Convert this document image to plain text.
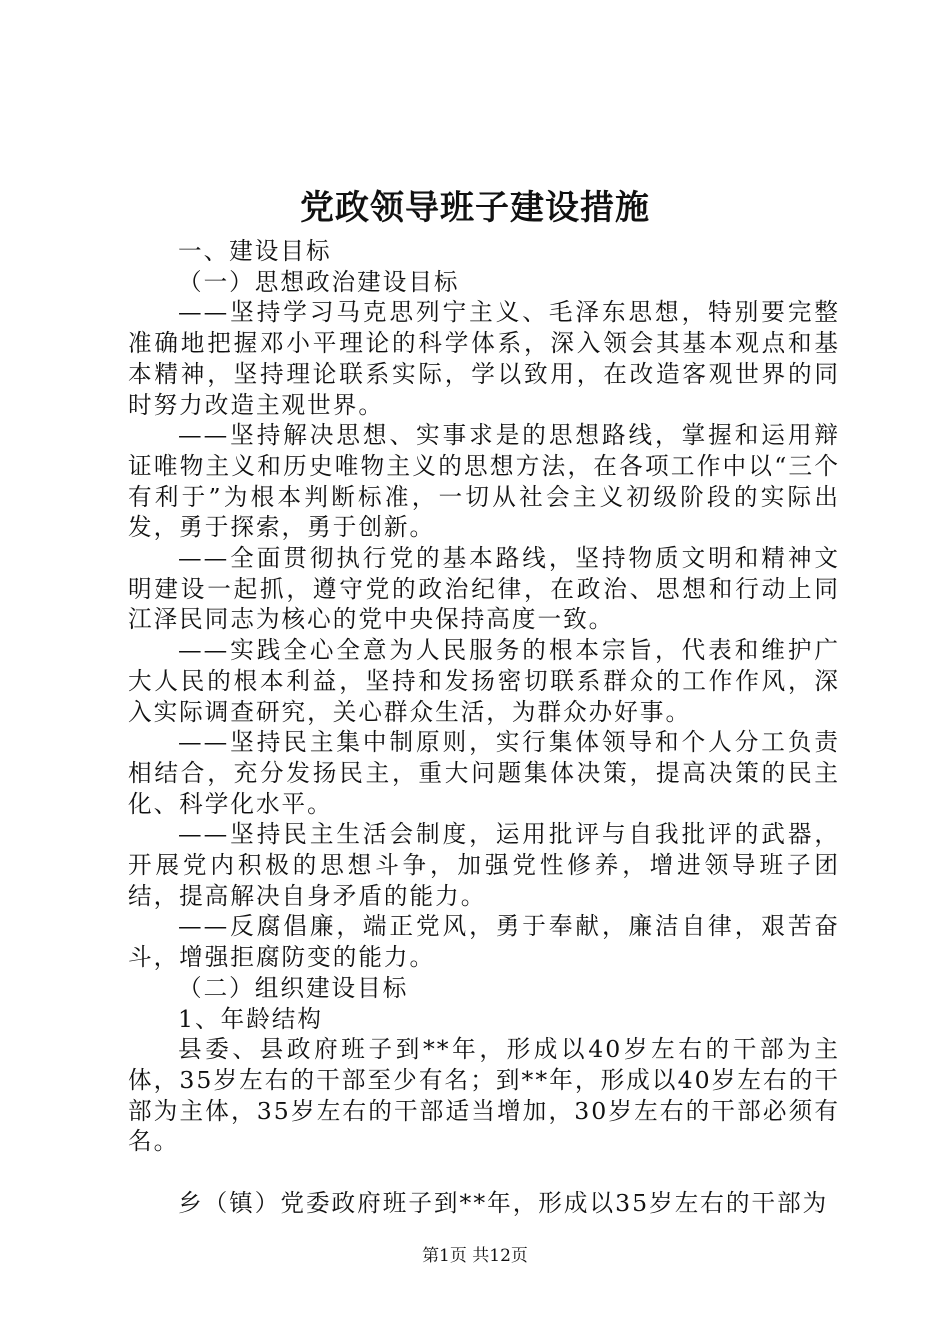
党政领导班子建设措施

一、建设目标

（一）思想政治建设目标

——坚持学习马克思列宁主义、毛泽东思想，特别要完整准确地把握邓小平理论的科学体系，深入领会其基本观点和基本精神，坚持理论联系实际，学以致用，在改造客观世界的同时努力改造主观世界。

——坚持解决思想、实事求是的思想路线，掌握和运用辩证唯物主义和历史唯物主义的思想方法，在各项工作中以“三个有利于”为根本判断标准，一切从社会主义初级阶段的实际出发，勇于探索，勇于创新。

——全面贯彻执行党的基本路线，坚持物质文明和精神文明建设一起抓，遵守党的政治纪律，在政治、思想和行动上同江泽民同志为核心的党中央保持高度一致。

——实践全心全意为人民服务的根本宗旨，代表和维护广大人民的根本利益，坚持和发扬密切联系群众的工作作风，深入实际调查研究，关心群众生活，为群众办好事。

——坚持民主集中制原则，实行集体领导和个人分工负责相结合，充分发扬民主，重大问题集体决策，提高决策的民主化、科学化水平。

——坚持民主生活会制度，运用批评与自我批评的武器，开展党内积极的思想斗争，加强党性修养，增进领导班子团结，提高解决自身矛盾的能力。

——反腐倡廉，端正党风，勇于奉献，廉洁自律，艰苦奋斗，增强拒腐防变的能力。

（二）组织建设目标

1、年龄结构

县委、县政府班子到**年，形成以40岁左右的干部为主体，35岁左右的干部至少有名；到**年，形成以40岁左右的干部为主体，35岁左右的干部适当增加，30岁左右的干部必须有名。

乡（镇）党委政府班子到**年，形成以35岁左右的干部为

第1页 共12页
